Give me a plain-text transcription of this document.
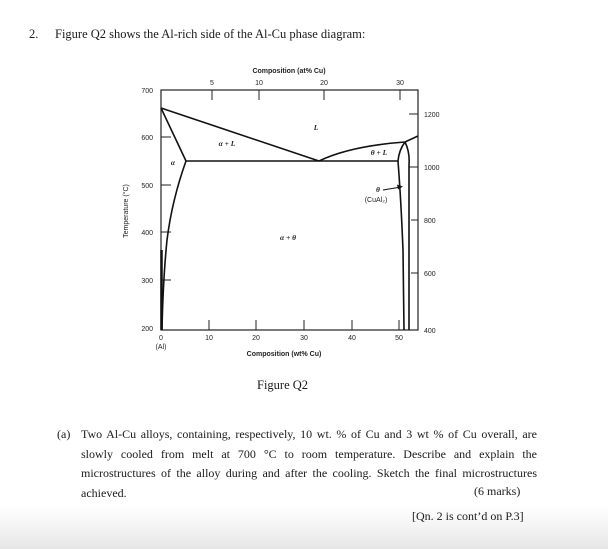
2. Figure Q2 shows the Al-rich side of the Al-Cu phase diagram:
Composition (at% Cu)
5	10	20	30
700
600
500
400
300
200
Temperature (°C)
1200
1000
800
600
400
0	10	20	30	40	50
(Al)
Composition (wt% Cu)
α
α + L
L
θ + L
θ
(CuAl₂)
α + θ
Figure Q2
(a) Two Al-Cu alloys, containing, respectively, 10 wt. % of Cu and 3 wt % of Cu overall, are slowly cooled from melt at 700 °C to room temperature. Describe and explain the microstructures of the alloy during and after the cooling. Sketch the final microstructures achieved.	(6 marks)
[Qn. 2 is cont’d on P.3]
